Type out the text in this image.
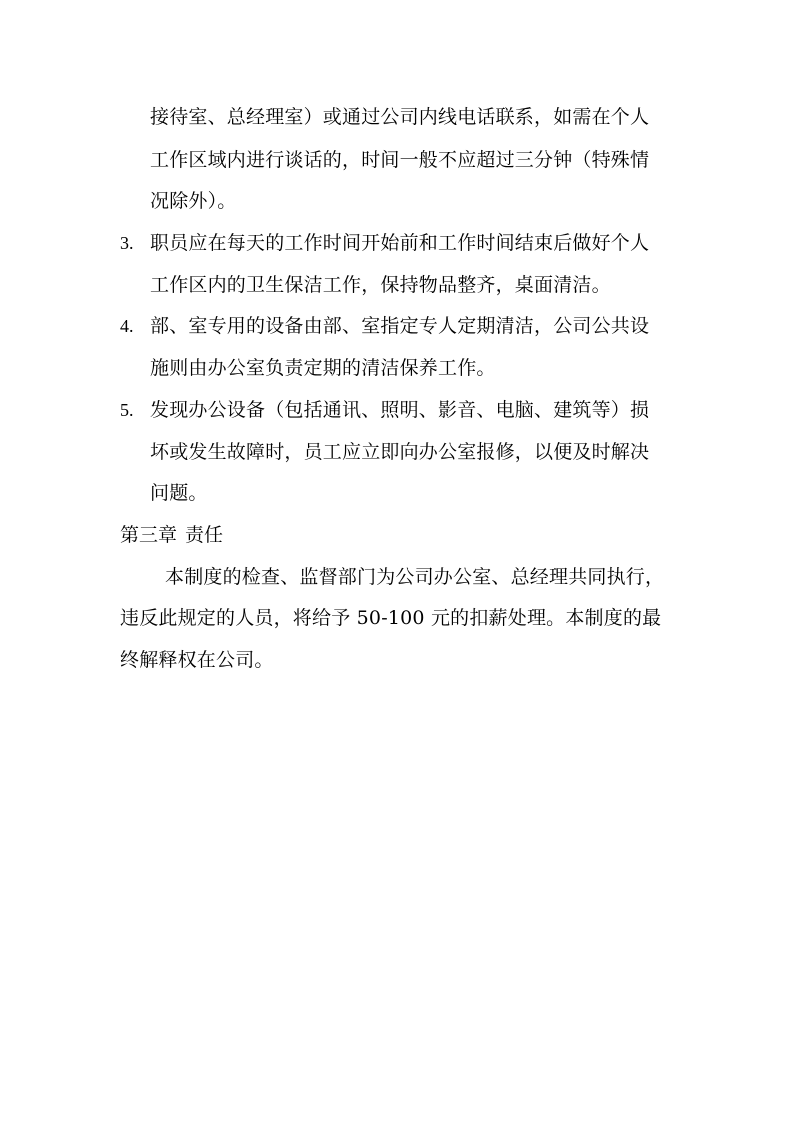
接待室、总经理室）或通过公司内线电话联系，如需在个人
工作区域内进行谈话的，时间一般不应超过三分钟（特殊情
况除外）。
3. 职员应在每天的工作时间开始前和工作时间结束后做好个人
工作区内的卫生保洁工作，保持物品整齐，桌面清洁。
4. 部、室专用的设备由部、室指定专人定期清洁，公司公共设
施则由办公室负责定期的清洁保养工作。
5. 发现办公设备（包括通讯、照明、影音、电脑、建筑等）损
坏或发生故障时，员工应立即向办公室报修，以便及时解决
问题。
第三章 责任
本制度的检查、监督部门为公司办公室、总经理共同执行，
违反此规定的人员，将给予 50-100 元的扣薪处理。本制度的最
终解释权在公司。
